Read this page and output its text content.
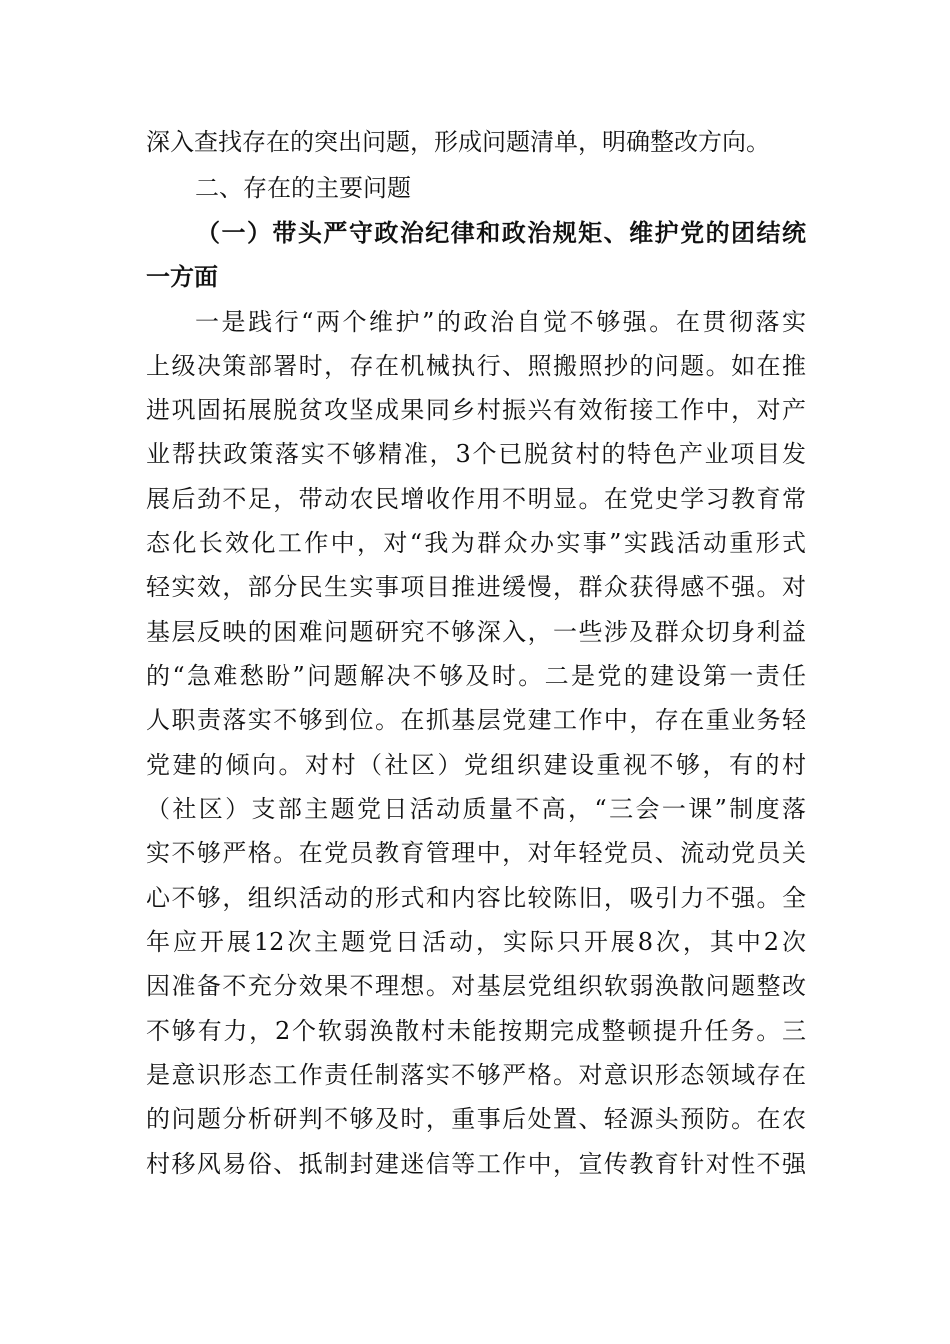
深入查找存在的突出问题，形成问题清单，明确整改方向。
二、存在的主要问题
（一）带头严守政治纪律和政治规矩、维护党的团结统
一方面
一是践行“两个维护”的政治自觉不够强。在贯彻落实
上级决策部署时，存在机械执行、照搬照抄的问题。如在推
进巩固拓展脱贫攻坚成果同乡村振兴有效衔接工作中，对产
业帮扶政策落实不够精准，3个已脱贫村的特色产业项目发
展后劲不足，带动农民增收作用不明显。在党史学习教育常
态化长效化工作中，对“我为群众办实事”实践活动重形式
轻实效，部分民生实事项目推进缓慢，群众获得感不强。对
基层反映的困难问题研究不够深入，一些涉及群众切身利益
的“急难愁盼”问题解决不够及时。二是党的建设第一责任
人职责落实不够到位。在抓基层党建工作中，存在重业务轻
党建的倾向。对村（社区）党组织建设重视不够，有的村
（社区）支部主题党日活动质量不高，“三会一课”制度落
实不够严格。在党员教育管理中，对年轻党员、流动党员关
心不够，组织活动的形式和内容比较陈旧，吸引力不强。全
年应开展12次主题党日活动，实际只开展8次，其中2次
因准备不充分效果不理想。对基层党组织软弱涣散问题整改
不够有力，2个软弱涣散村未能按期完成整顿提升任务。三
是意识形态工作责任制落实不够严格。对意识形态领域存在
的问题分析研判不够及时，重事后处置、轻源头预防。在农
村移风易俗、抵制封建迷信等工作中，宣传教育针对性不强
